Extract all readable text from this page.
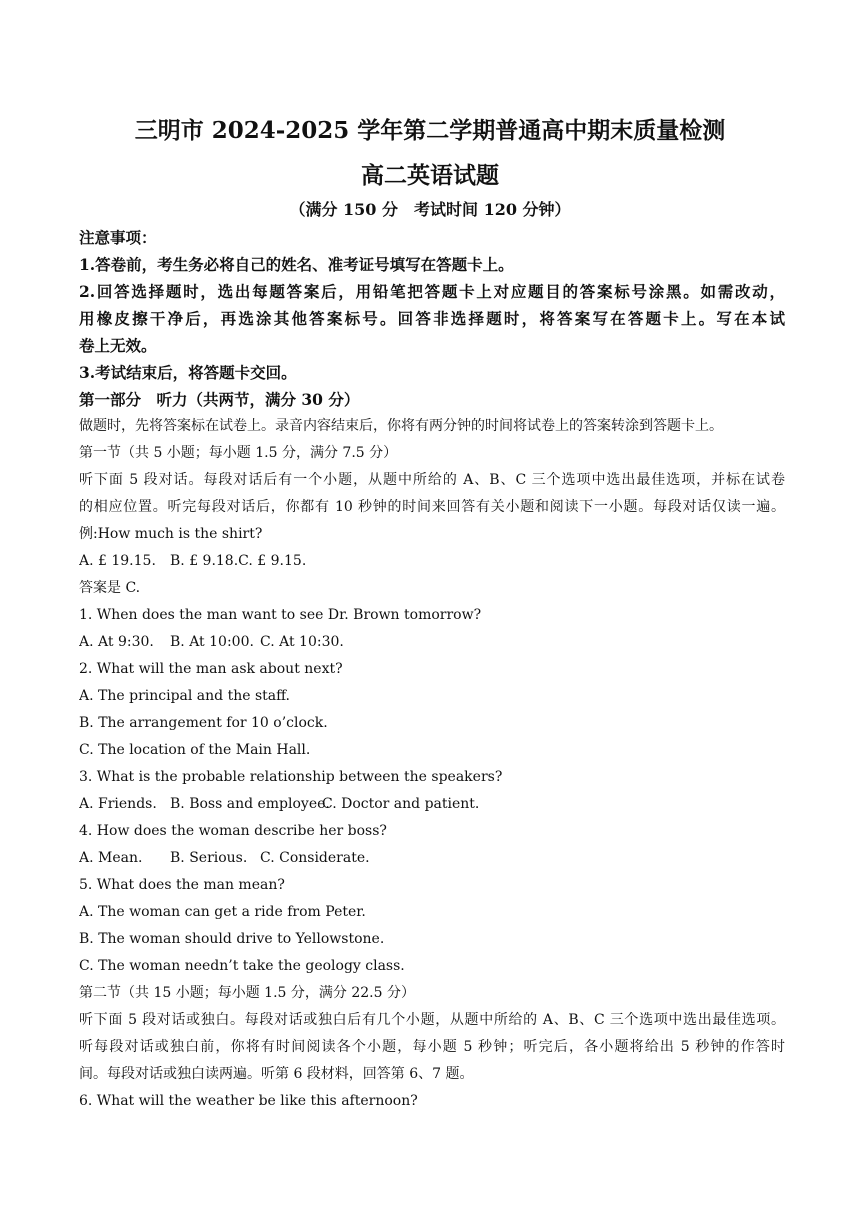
三明市 2024-2025 学年第二学期普通高中期末质量检测
高二英语试题
（满分 150 分　考试时间 120 分钟）
注意事项：
1.答卷前，考生务必将自己的姓名、准考证号填写在答题卡上。
2.回答选择题时，选出每题答案后，用铅笔把答题卡上对应题目的答案标号涂黑。如需改动，
用橡皮擦干净后，再选涂其他答案标号。回答非选择题时，将答案写在答题卡上。写在本试
卷上无效。
3.考试结束后，将答题卡交回。
第一部分　听力（共两节，满分 30 分）
做题时，先将答案标在试卷上。录音内容结束后，你将有两分钟的时间将试卷上的答案转涂到答题卡上。
第一节（共 5 小题；每小题 1.5 分，满分 7.5 分）
听下面 5 段对话。每段对话后有一个小题，从题中所给的 A、B、C 三个选项中选出最佳选项，并标在试卷
的相应位置。听完每段对话后，你都有 10 秒钟的时间来回答有关小题和阅读下一小题。每段对话仅读一遍。
例:How much is the shirt?
A. £ 19.15. B. £ 9.18.C. £ 9.15.
答案是 C.
1. When does the man want to see Dr. Brown tomorrow?
A. At 9:30. B. At 10:00. C. At 10:30.
2. What will the man ask about next?
A. The principal and the staff.
B. The arrangement for 10 o’clock.
C. The location of the Main Hall.
3. What is the probable relationship between the speakers?
A. Friends. B. Boss and employee.C. Doctor and patient.
4. How does the woman describe her boss?
A. Mean. B. Serious. C. Considerate.
5. What does the man mean?
A. The woman can get a ride from Peter.
B. The woman should drive to Yellowstone.
C. The woman needn’t take the geology class.
第二节（共 15 小题；每小题 1.5 分，满分 22.5 分）
听下面 5 段对话或独白。每段对话或独白后有几个小题，从题中所给的 A、B、C 三个选项中选出最佳选项。
听每段对话或独白前，你将有时间阅读各个小题，每小题 5 秒钟；听完后，各小题将给出 5 秒钟的作答时
间。每段对话或独白读两遍。听第 6 段材料，回答第 6、7 题。
6. What will the weather be like this afternoon?
